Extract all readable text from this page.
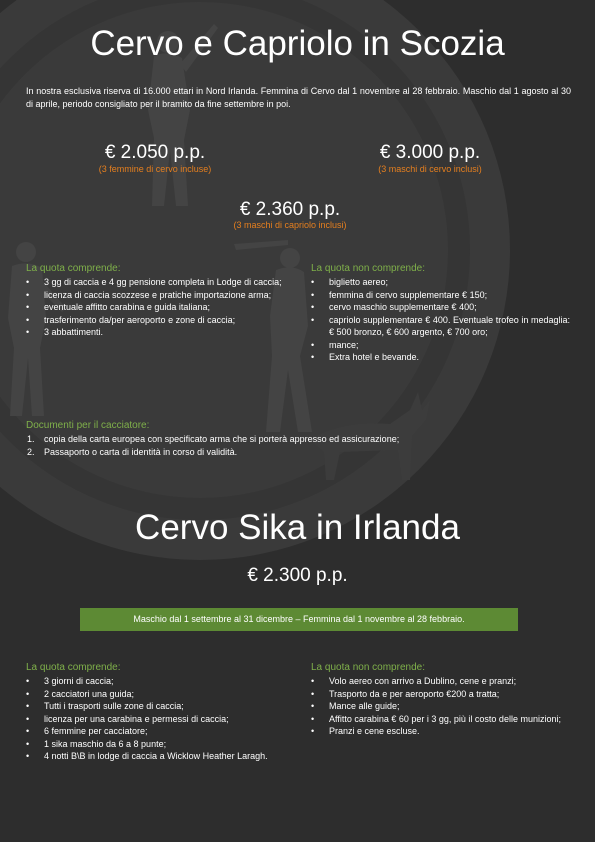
Cervo e Capriolo in Scozia

In nostra esclusiva riserva di 16.000 ettari in Nord Irlanda. Femmina di Cervo dal 1 novembre al 28 febbraio. Maschio dal 1 agosto al 30 di aprile, periodo consigliato per il bramito da fine settembre in poi.

€ 2.050 p.p.
(3 femmine di cervo incluse)
€ 3.000 p.p.
(3 maschi di cervo inclusi)
€ 2.360 p.p.
(3 maschi di capriolo inclusi)
La quota comprende:
• 3 gg di caccia e 4 gg pensione completa in Lodge di caccia;
• licenza di caccia scozzese e pratiche importazione arma;
• eventuale affitto carabina e guida italiana;
• trasferimento da/per aeroporto e zone di caccia;
• 3 abbattimenti.
La quota non comprende:
• biglietto aereo;
• femmina di cervo supplementare € 150;
• cervo maschio supplementare € 400;
• capriolo supplementare € 400. Eventuale trofeo in medaglia: € 500 bronzo, € 600 argento, € 700 oro;
• mance;
• Extra hotel e bevande.
Documenti per il cacciatore:
1. copia della carta europea con specificato arma che si porterà appresso ed assicurazione;
2. Passaporto o carta di identità in corso di validità.
Cervo Sika in Irlanda
€ 2.300 p.p.
Maschio dal 1 settembre al 31 dicembre – Femmina dal 1 novembre al 28 febbraio.
La quota comprende:
• 3 giorni di caccia;
• 2 cacciatori una guida;
• Tutti i trasporti sulle zone di caccia;
• licenza per una carabina e permessi di caccia;
• 6 femmine per cacciatore;
• 1 sika maschio da 6 a 8 punte;
• 4 notti B\B in lodge di caccia a Wicklow Heather Laragh.
La quota non comprende:
• Volo aereo con arrivo a Dublino, cene e pranzi;
• Trasporto da e per aeroporto €200 a tratta;
• Mance alle guide;
• Affitto carabina € 60 per i 3 gg, più il costo delle munizioni;
• Pranzi e cene escluse.
